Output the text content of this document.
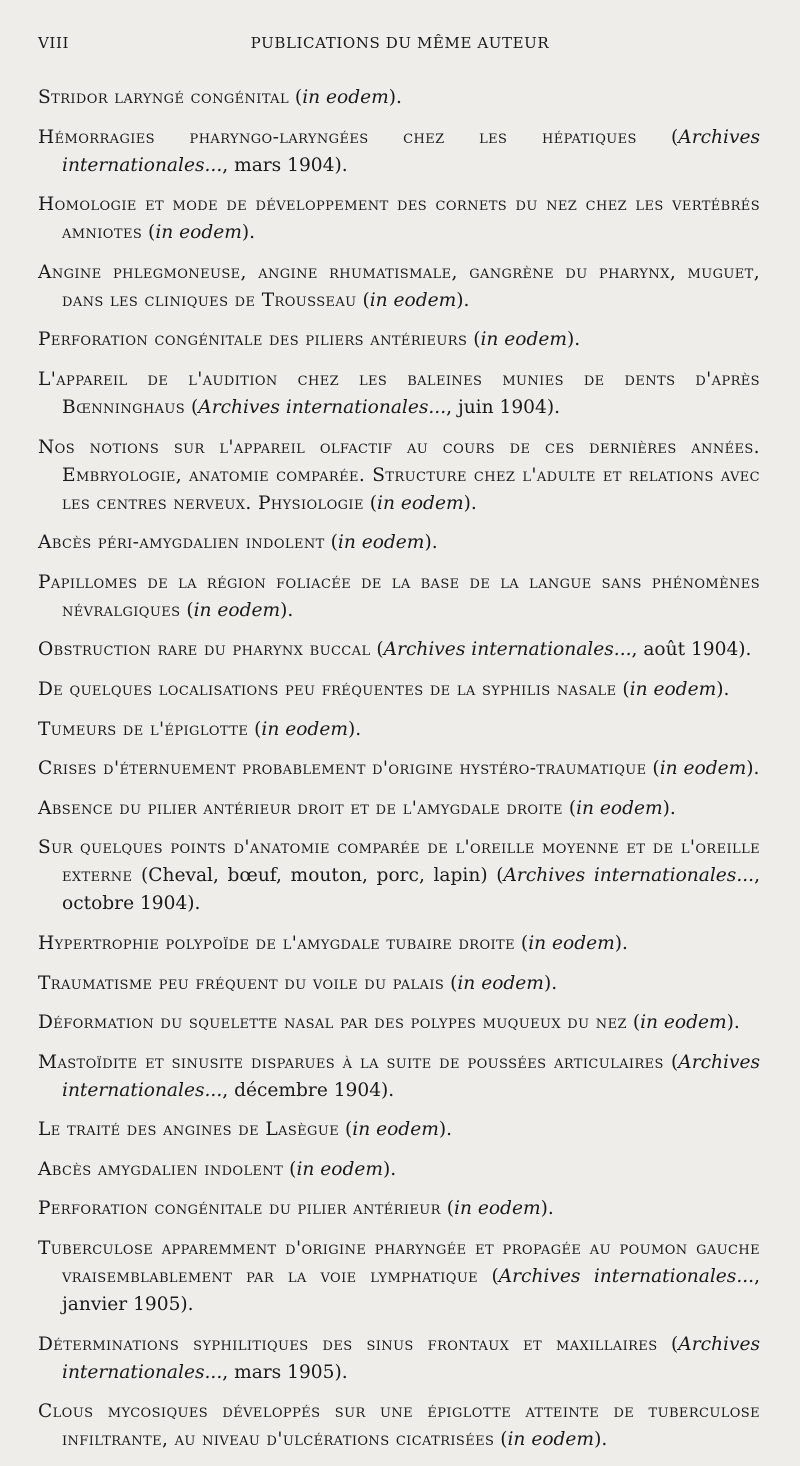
VIII	PUBLICATIONS DU MÊME AUTEUR

Stridor laryngé congénital (in eodem).

Hémorragies pharyngo-laryngées chez les hépatiques (Archives internationales..., mars 1904).

Homologie et mode de développement des cornets du nez chez les vertébrés amniotes (in eodem).

Angine phlegmoneuse, angine rhumatismale, gangrène du pharynx, muguet, dans les cliniques de Trousseau (in eodem).

Perforation congénitale des piliers antérieurs (in eodem).

L'appareil de l'audition chez les baleines munies de dents d'après Bœnninghaus (Archives internationales..., juin 1904).

Nos notions sur l'appareil olfactif au cours de ces dernières années. Embryologie, anatomie comparée. Structure chez l'adulte et relations avec les centres nerveux. Physiologie (in eodem).

Abcès péri-amygdalien indolent (in eodem).

Papillomes de la région foliacée de la base de la langue sans phénomènes névralgiques (in eodem).

Obstruction rare du pharynx buccal (Archives internationales..., août 1904).

De quelques localisations peu fréquentes de la syphilis nasale (in eodem).

Tumeurs de l'épiglotte (in eodem).

Crises d'éternuement probablement d'origine hystéro-traumatique (in eodem).

Absence du pilier antérieur droit et de l'amygdale droite (in eodem).

Sur quelques points d'anatomie comparée de l'oreille moyenne et de l'oreille externe (Cheval, bœuf, mouton, porc, lapin) (Archives internationales..., octobre 1904).

Hypertrophie polypoïde de l'amygdale tubaire droite (in eodem).

Traumatisme peu fréquent du voile du palais (in eodem).

Déformation du squelette nasal par des polypes muqueux du nez (in eodem).

Mastoïdite et sinusite disparues à la suite de poussées articulaires (Archives internationales..., décembre 1904).

Le traité des angines de Lasègue (in eodem).

Abcès amygdalien indolent (in eodem).

Perforation congénitale du pilier antérieur (in eodem).

Tuberculose apparemment d'origine pharyngée et propagée au poumon gauche vraisemblablement par la voie lymphatique (Archives internationales..., janvier 1905).

Déterminations syphilitiques des sinus frontaux et maxillaires (Archives internationales..., mars 1905).

Clous mycosiques développés sur une épiglotte atteinte de tuberculose infiltrante, au niveau d'ulcérations cicatrisées (in eodem).
